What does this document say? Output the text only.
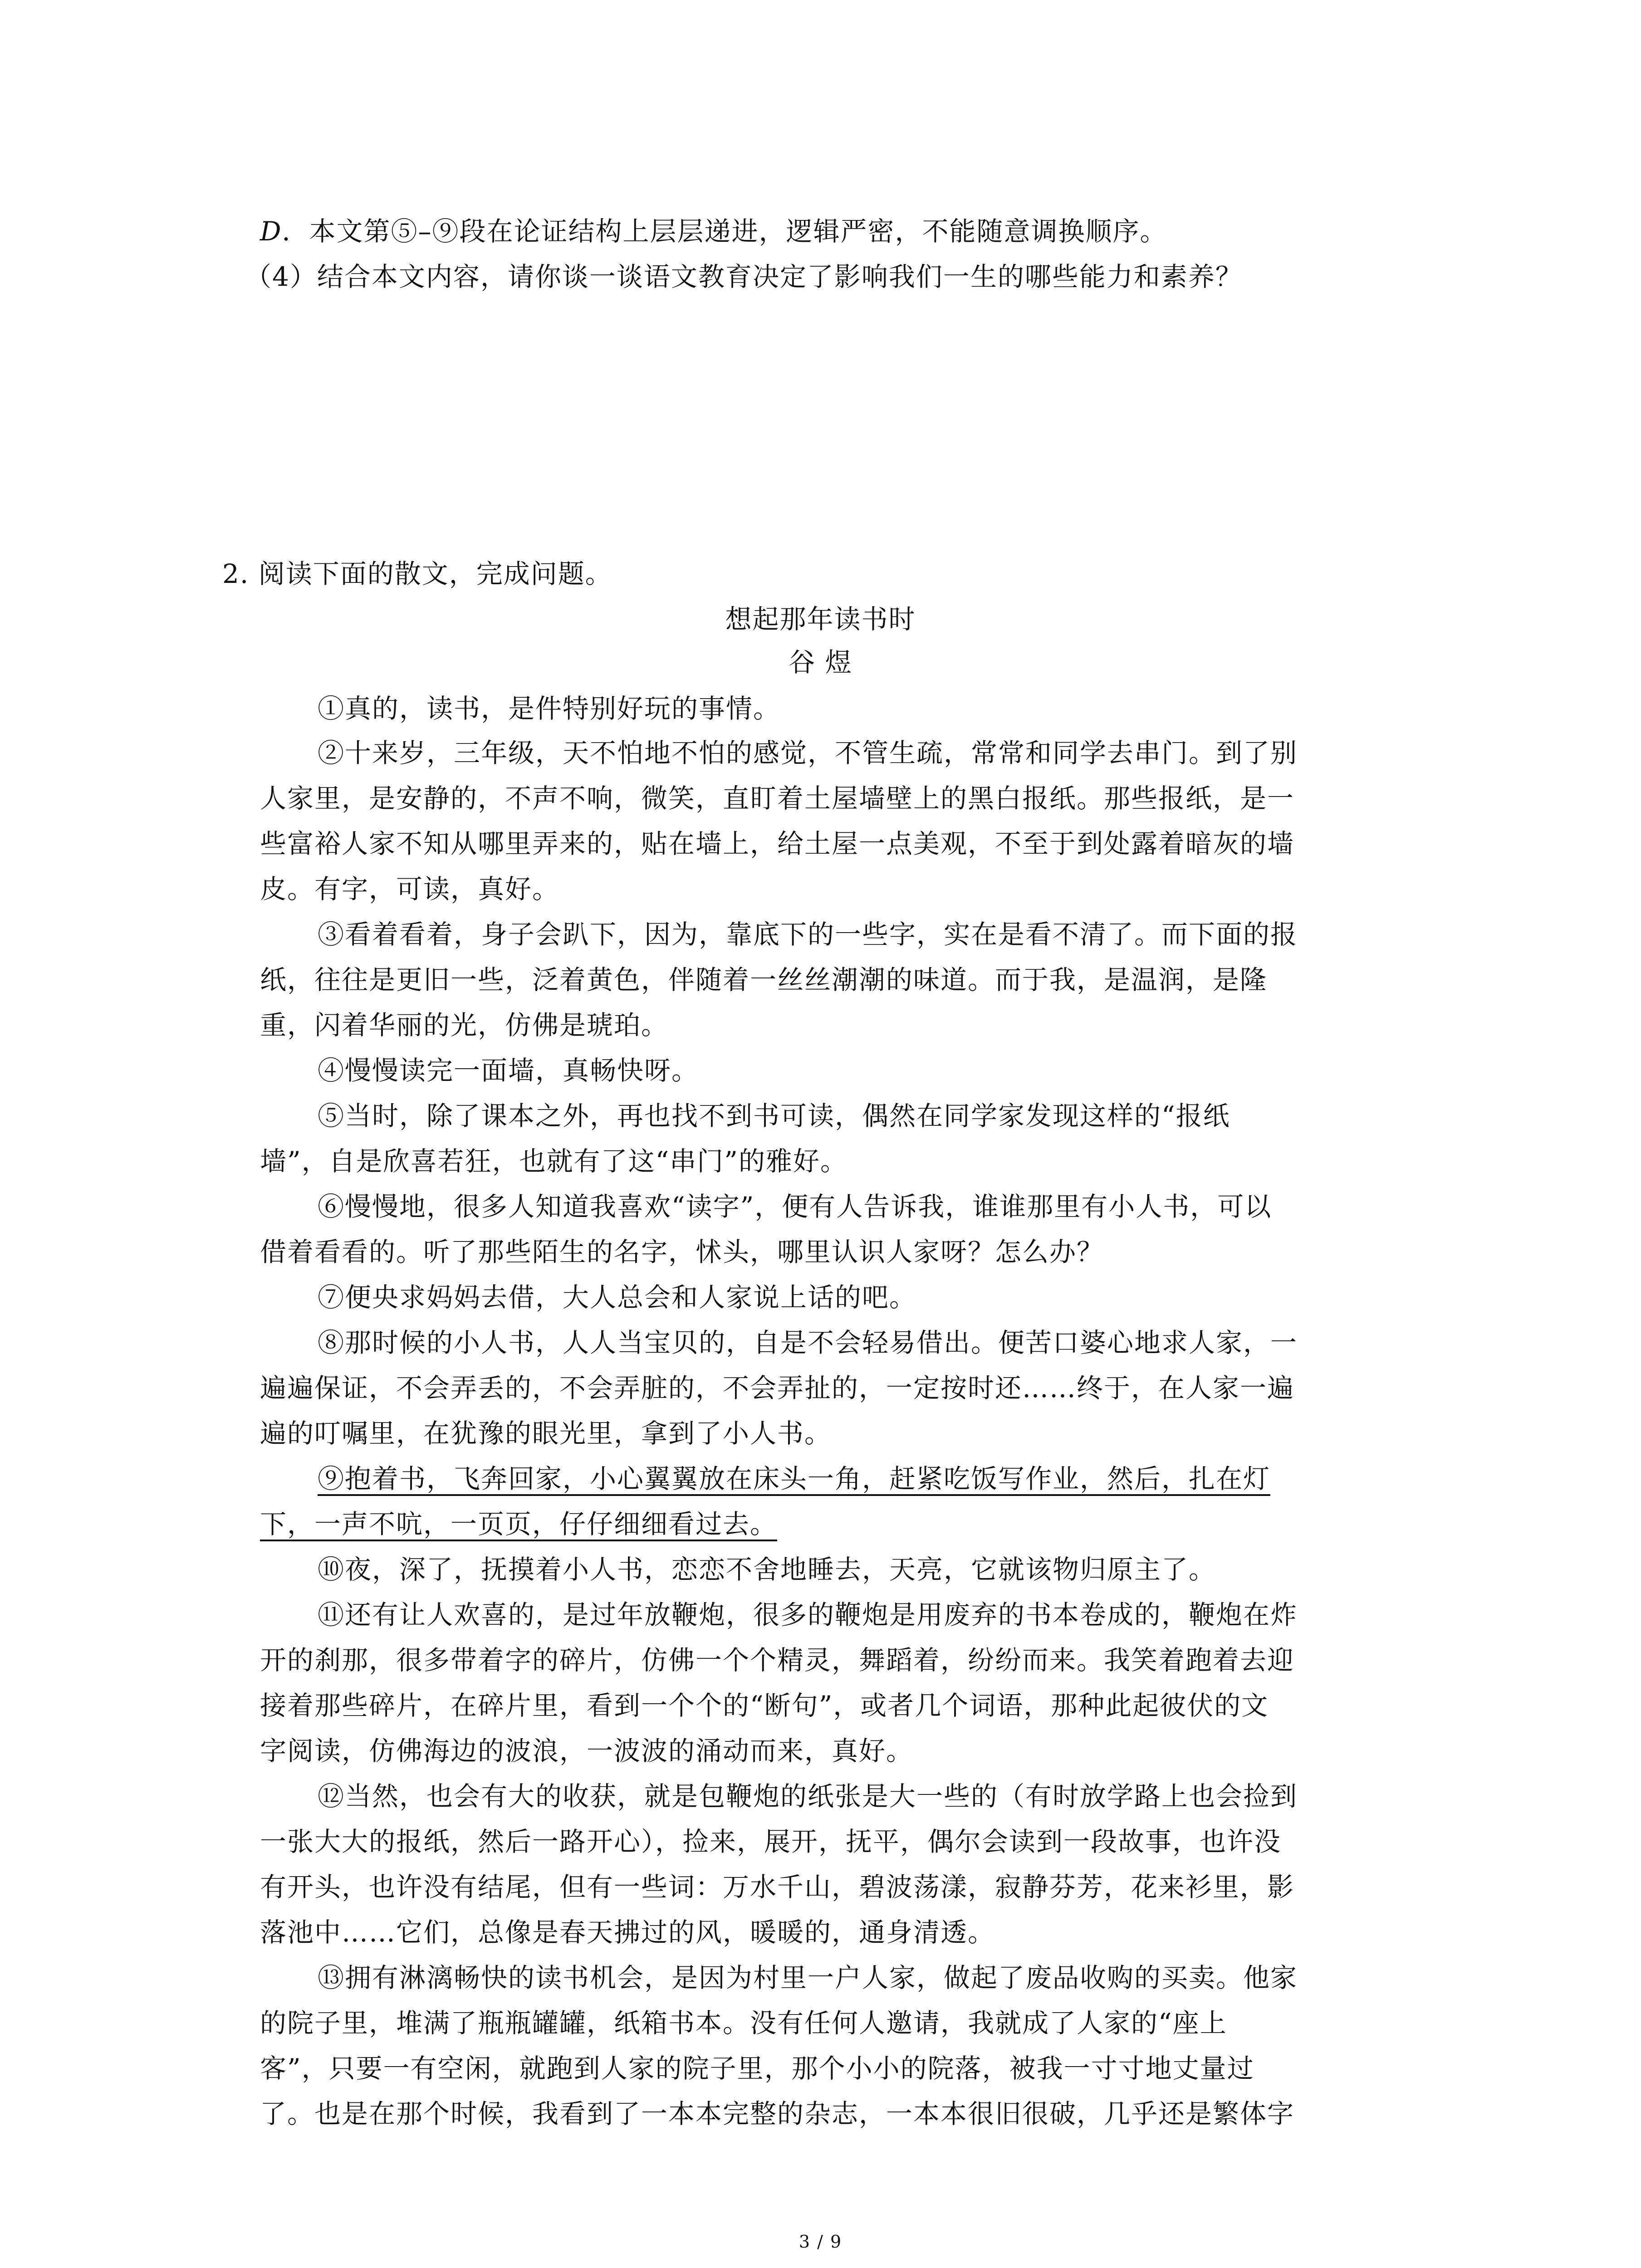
D．本文第⑤–⑨段在论证结构上层层递进，逻辑严密，不能随意调换顺序。
（4）结合本文内容，请你谈一谈语文教育决定了影响我们一生的哪些能力和素养？
2. 阅读下面的散文，完成问题。
想起那年读书时
谷 煜
①真的，读书，是件特别好玩的事情。
②十来岁，三年级，天不怕地不怕的感觉，不管生疏，常常和同学去串门。到了别
人家里，是安静的，不声不响，微笑，直盯着土屋墙壁上的黑白报纸。那些报纸，是一
些富裕人家不知从哪里弄来的，贴在墙上，给土屋一点美观，不至于到处露着暗灰的墙
皮。有字，可读，真好。
③看着看着，身子会趴下，因为，靠底下的一些字，实在是看不清了。而下面的报
纸，往往是更旧一些，泛着黄色，伴随着一丝丝潮潮的味道。而于我，是温润，是隆
重，闪着华丽的光，仿佛是琥珀。
④慢慢读完一面墙，真畅快呀。
⑤当时，除了课本之外，再也找不到书可读，偶然在同学家发现这样的“报纸
墙”，自是欣喜若狂，也就有了这“串门”的雅好。
⑥慢慢地，很多人知道我喜欢“读字”，便有人告诉我，谁谁那里有小人书，可以
借着看看的。听了那些陌生的名字，怵头，哪里认识人家呀？怎么办？
⑦便央求妈妈去借，大人总会和人家说上话的吧。
⑧那时候的小人书，人人当宝贝的，自是不会轻易借出。便苦口婆心地求人家，一
遍遍保证，不会弄丢的，不会弄脏的，不会弄扯的，一定按时还……终于，在人家一遍
遍的叮嘱里，在犹豫的眼光里，拿到了小人书。
⑨抱着书，飞奔回家，小心翼翼放在床头一角，赶紧吃饭写作业，然后，扎在灯
下，一声不吭，一页页，仔仔细细看过去。
⑩夜，深了，抚摸着小人书，恋恋不舍地睡去，天亮，它就该物归原主了。
⑪还有让人欢喜的，是过年放鞭炮，很多的鞭炮是用废弃的书本卷成的，鞭炮在炸
开的刹那，很多带着字的碎片，仿佛一个个精灵，舞蹈着，纷纷而来。我笑着跑着去迎
接着那些碎片，在碎片里，看到一个个的“断句”，或者几个词语，那种此起彼伏的文
字阅读，仿佛海边的波浪，一波波的涌动而来，真好。
⑫当然，也会有大的收获，就是包鞭炮的纸张是大一些的（有时放学路上也会捡到
一张大大的报纸，然后一路开心），捡来，展开，抚平，偶尔会读到一段故事，也许没
有开头，也许没有结尾，但有一些词：万水千山，碧波荡漾，寂静芬芳，花来衫里，影
落池中……它们，总像是春天拂过的风，暖暖的，通身清透。
⑬拥有淋漓畅快的读书机会，是因为村里一户人家，做起了废品收购的买卖。他家
的院子里，堆满了瓶瓶罐罐，纸箱书本。没有任何人邀请，我就成了人家的“座上
客”，只要一有空闲，就跑到人家的院子里，那个小小的院落，被我一寸寸地丈量过
了。也是在那个时候，我看到了一本本完整的杂志，一本本很旧很破，几乎还是繁体字
3 / 9
